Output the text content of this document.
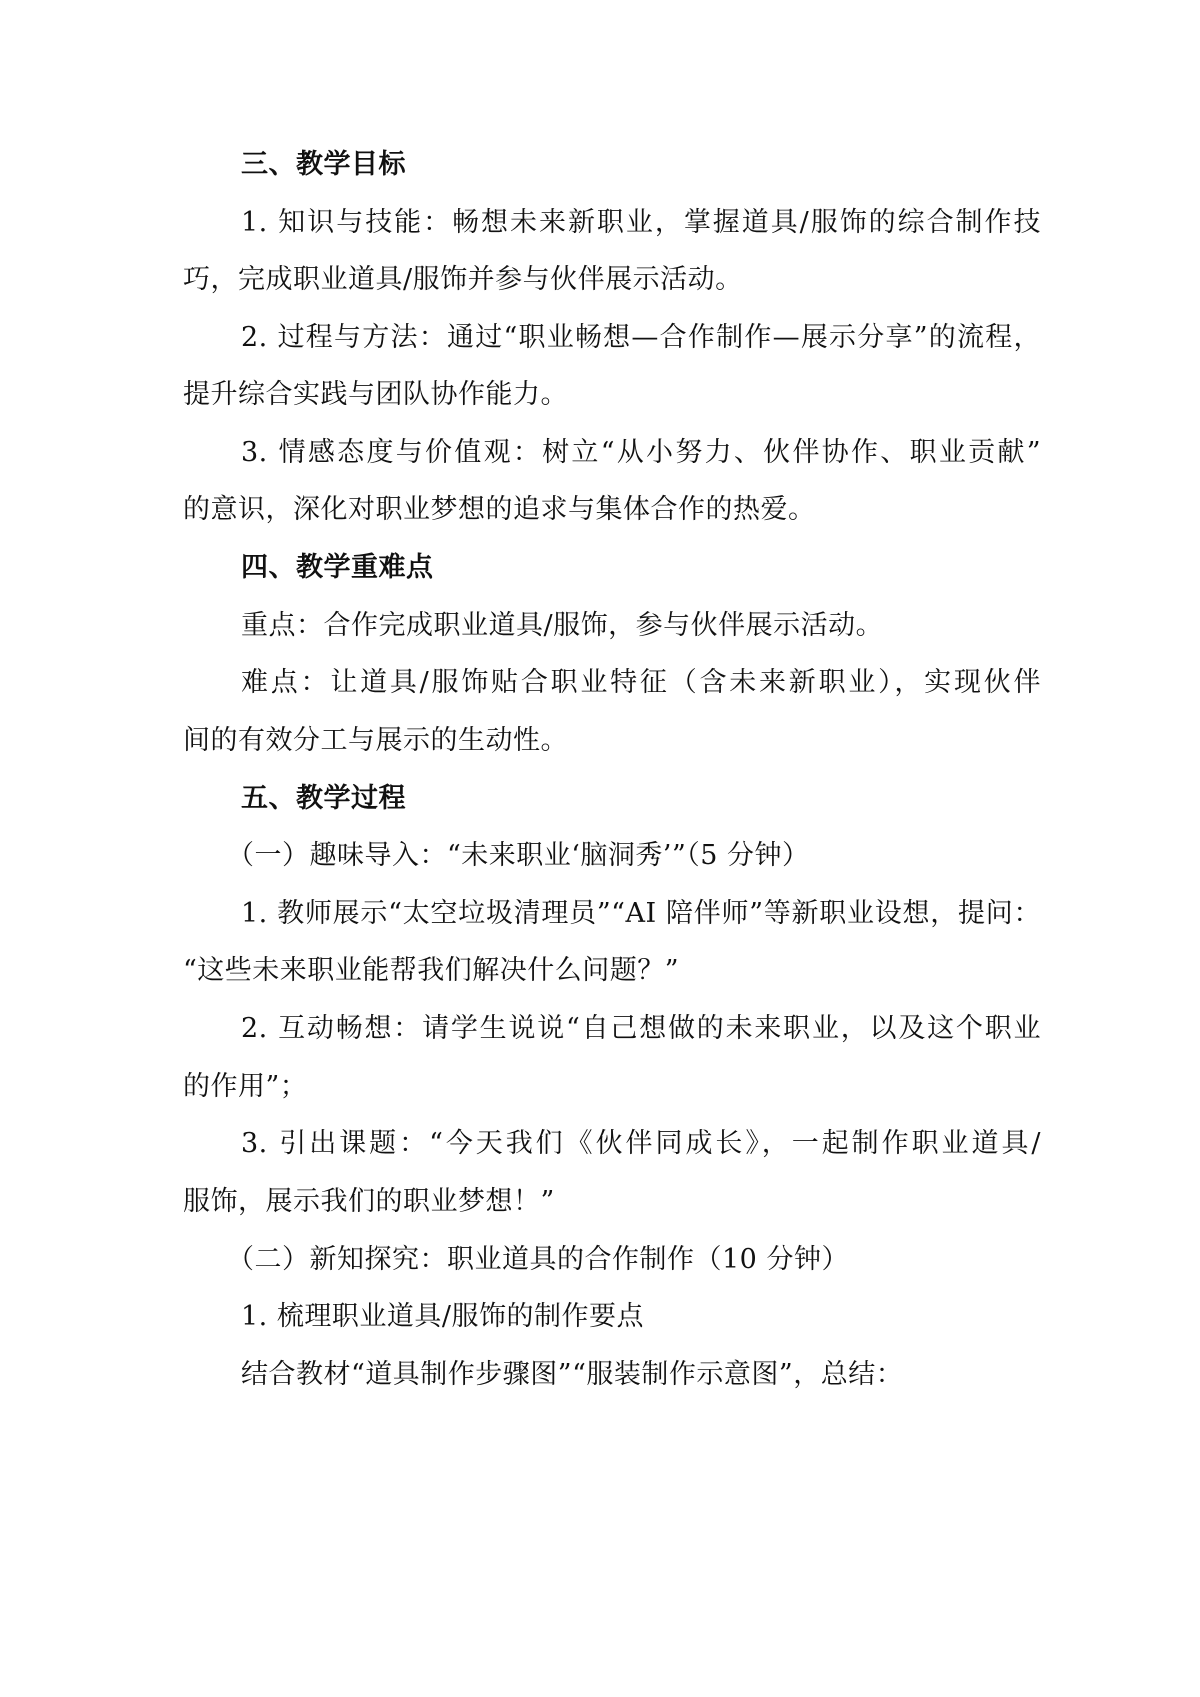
三、教学目标
1. 知识与技能：畅想未来新职业，掌握道具/服饰的综合制作技
巧，完成职业道具/服饰并参与伙伴展示活动。
2. 过程与方法：通过“职业畅想—合作制作—展示分享”的流程，
提升综合实践与团队协作能力。
3. 情感态度与价值观：树立“从小努力、伙伴协作、职业贡献”
的意识，深化对职业梦想的追求与集体合作的热爱。
四、教学重难点
重点：合作完成职业道具/服饰，参与伙伴展示活动。
难点：让道具/服饰贴合职业特征（含未来新职业），实现伙伴
间的有效分工与展示的生动性。
五、教学过程
（一）趣味导入：“未来职业‘脑洞秀’”（5 分钟）
1. 教师展示“太空垃圾清理员”“AI 陪伴师”等新职业设想，提问：
“这些未来职业能帮我们解决什么问题？”
2. 互动畅想：请学生说说“自己想做的未来职业，以及这个职业
的作用”；
3. 引出课题：“今天我们《伙伴同成长》，一起制作职业道具/
服饰，展示我们的职业梦想！”
（二）新知探究：职业道具的合作制作（10 分钟）
1. 梳理职业道具/服饰的制作要点
结合教材“道具制作步骤图”“服装制作示意图”，总结：
